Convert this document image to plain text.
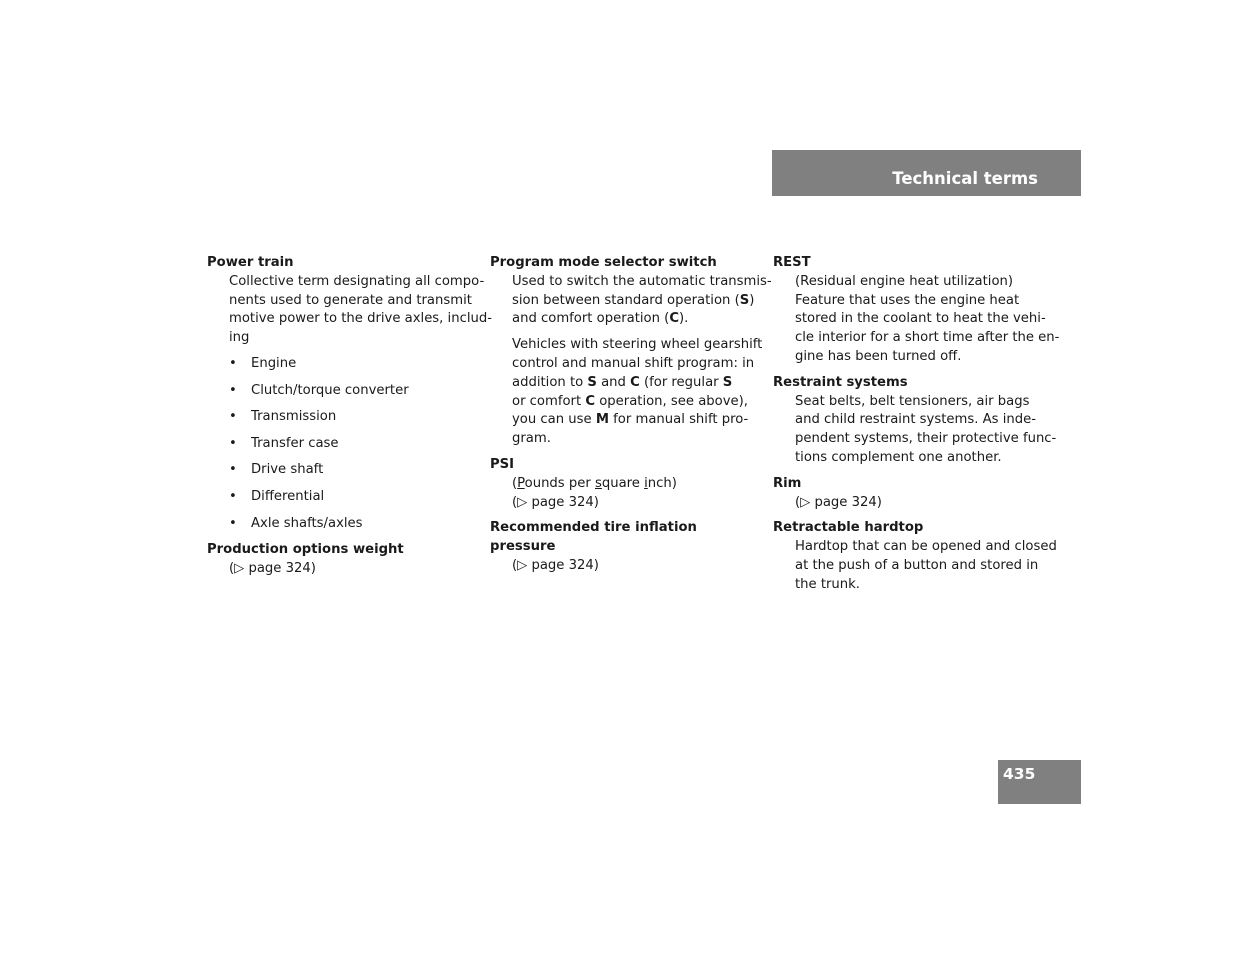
Technical terms

Power train

Collective term designating all compo-
nents used to generate and transmit
motive power to the drive axles, includ-
ing

• Engine
• Clutch/torque converter
• Transmission
• Transfer case
• Drive shaft
• Differential
• Axle shafts/axles

Production options weight

(▷ page 324)

Program mode selector switch

Used to switch the automatic transmis-
sion between standard operation (S)
and comfort operation (C).

Vehicles with steering wheel gearshift
control and manual shift program: in
addition to S and C (for regular S
or comfort C operation, see above),
you can use M for manual shift pro-
gram.

PSI

(Pounds per square inch)
(▷ page 324)

Recommended tire inflation pressure

(▷ page 324)

REST

(Residual engine heat utilization)
Feature that uses the engine heat
stored in the coolant to heat the vehi-
cle interior for a short time after the en-
gine has been turned off.

Restraint systems

Seat belts, belt tensioners, air bags
and child restraint systems. As inde-
pendent systems, their protective func-
tions complement one another.

Rim

(▷ page 324)

Retractable hardtop

Hardtop that can be opened and closed
at the push of a button and stored in
the trunk.

435
